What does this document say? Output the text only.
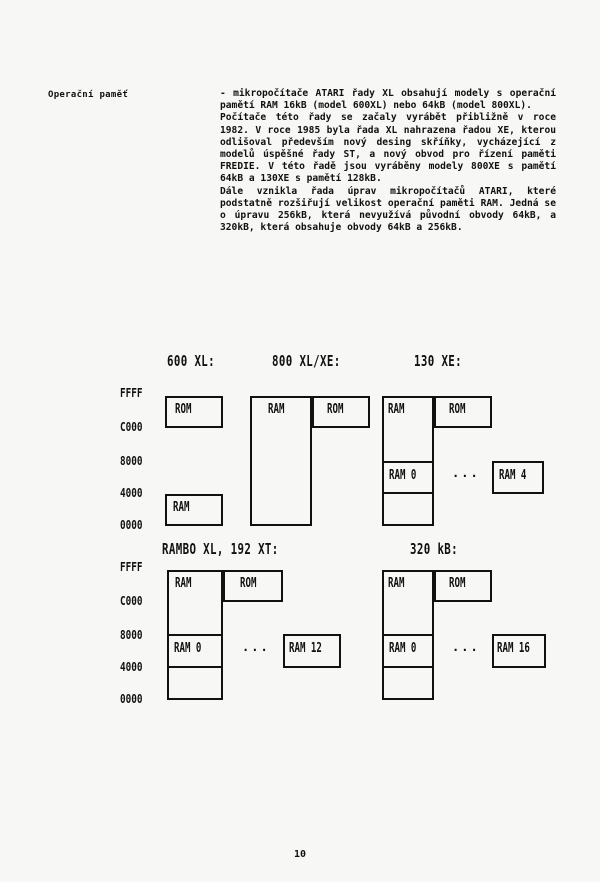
Operační paměť	- mikropočítače ATARI řady XL obsahují modely s operační pamětí RAM 16kB (model 600XL) nebo 64kB (model 800XL).

Počítače této řady se začaly vyrábět přibližně v roce 1982. V roce 1985 byla řada XL nahrazena řadou XE, kterou odlišoval především nový desing skříňky, vycházející z modelů úspěšné řady ST, a nový obvod pro řízení paměti FREDIE. V této řadě jsou vyráběny modely 800XE s pamětí 64kB a 130XE s pamětí 128kB.

Dále vznikla řada úprav mikropočítačů ATARI, které podstatně rozšiřují velikost operační paměti RAM. Jedná se o úpravu 256kB, která nevyužívá původní obvody 64kB, a 320kB, která obsahuje obvody 64kB a 256kB.

600 XL:	800 XL/XE:	130 XE:
RAMBO XL, 192 XT:	320 kB:
FFFF
C000
8000
4000
0000
ROM
RAM
RAM	ROM	RAM	ROM
RAM 0	··· RAM 4
FFFF
C000
8000
4000
0000
RAM	ROM
RAM 0	··· RAM 12
RAM	ROM
RAM 0	··· RAM 16
10
